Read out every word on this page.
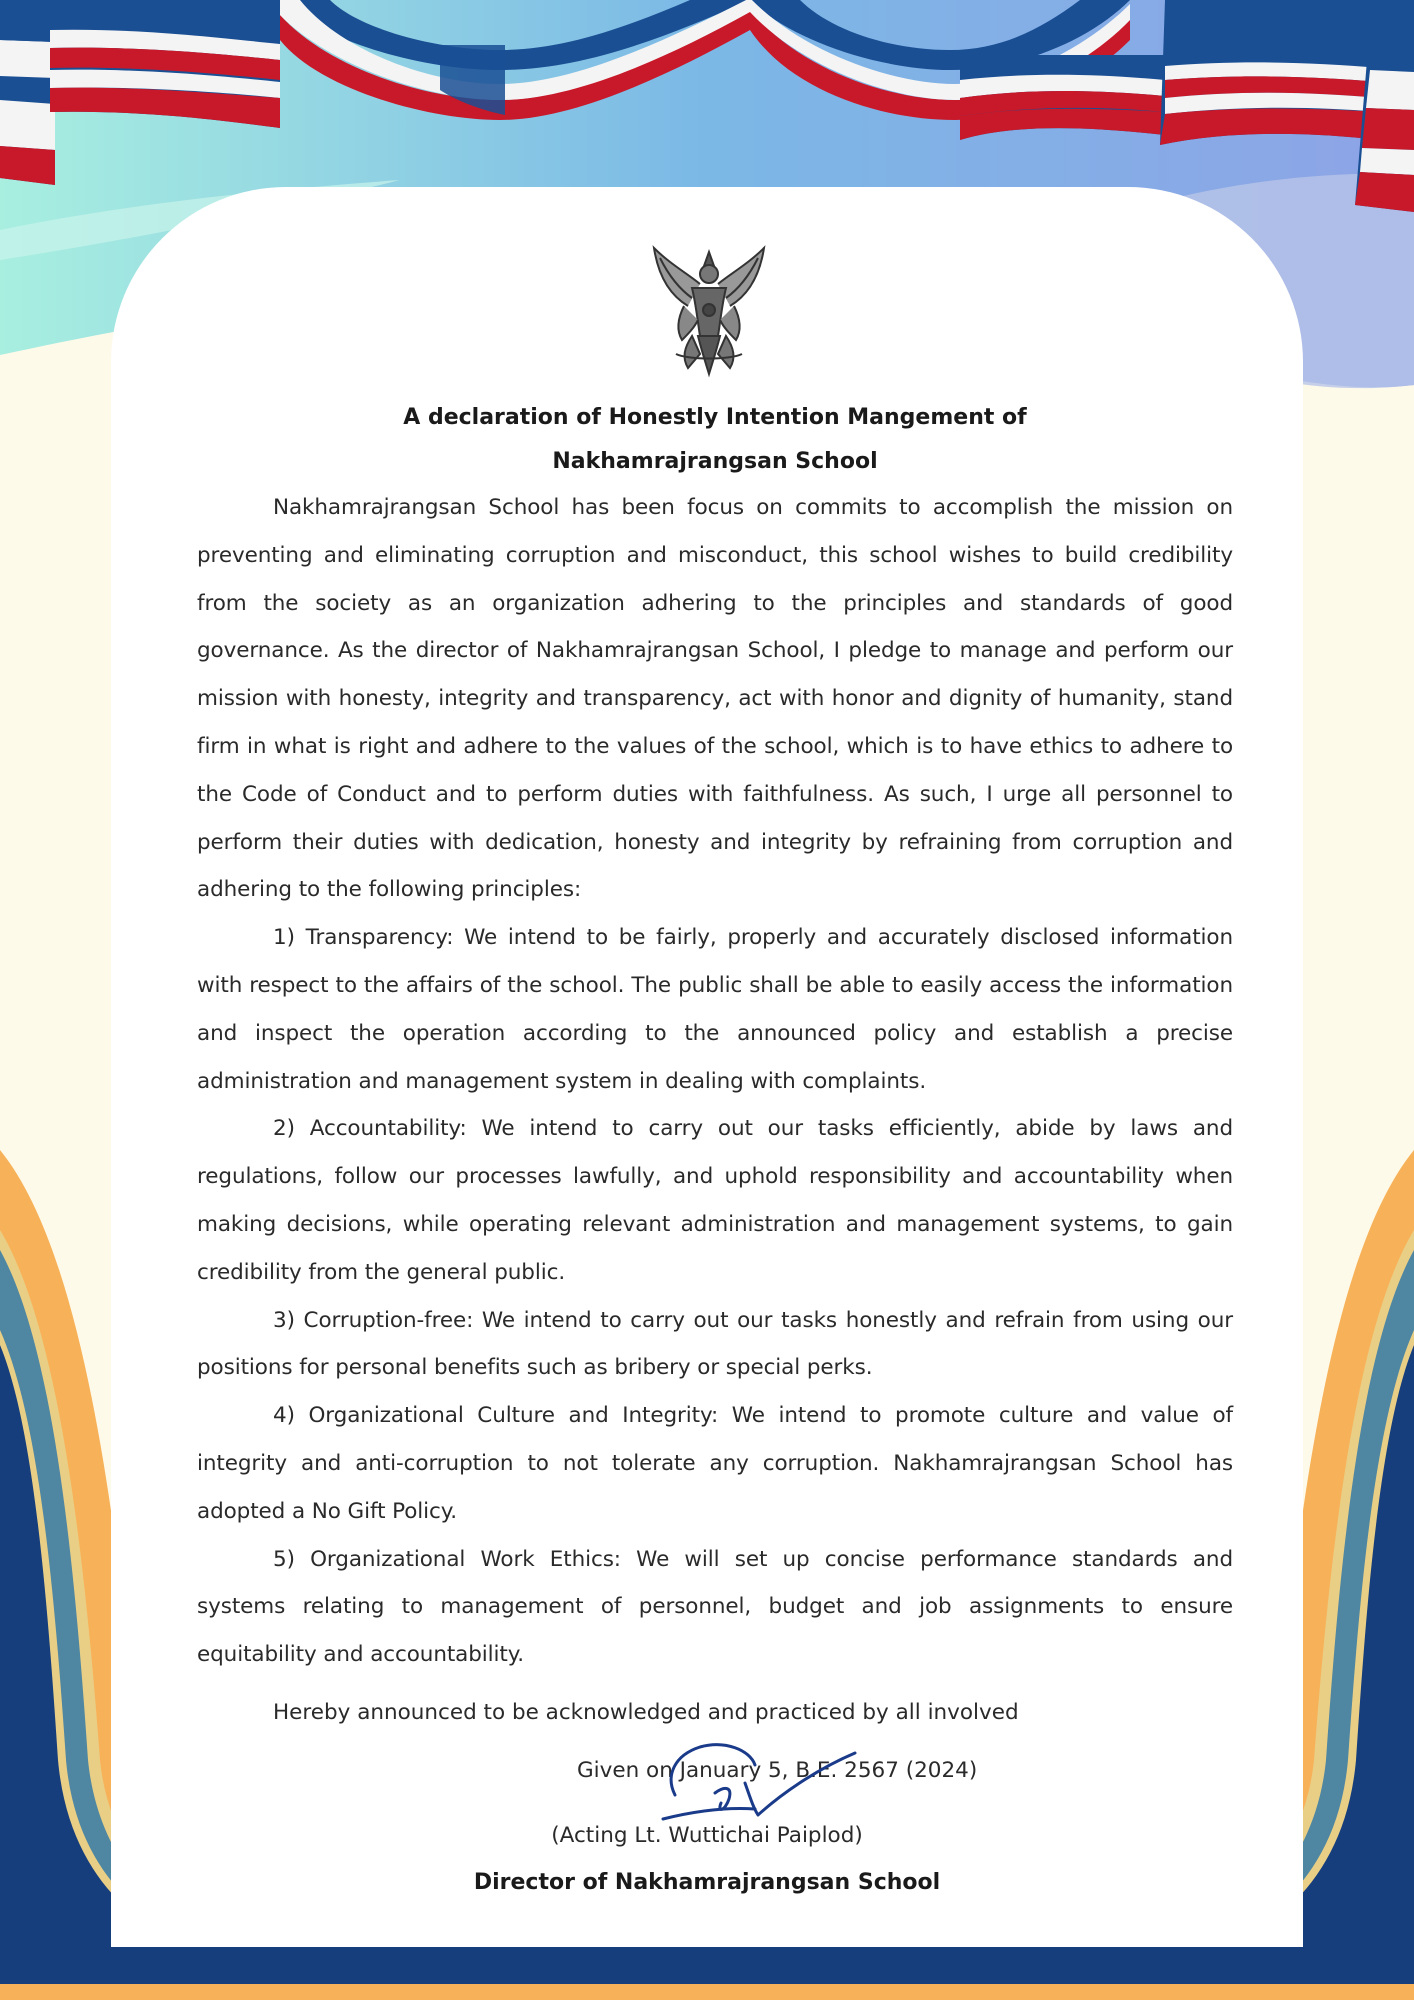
A declaration of Honestly Intention Mangement of

Nakhamrajrangsan School

Nakhamrajrangsan School has been focus on commits to accomplish the mission on preventing and eliminating corruption and misconduct, this school wishes to build credibility from the society as an organization adhering to the principles and standards of good governance. As the director of Nakhamrajrangsan School, I pledge to manage and perform our mission with honesty, integrity and transparency, act with honor and dignity of humanity, stand firm in what is right and adhere to the values of the school, which is to have ethics to adhere to the Code of Conduct and to perform duties with faithfulness. As such, I urge all personnel to perform their duties with dedication, honesty and integrity by refraining from corruption and adhering to the following principles:

1) Transparency: We intend to be fairly, properly and accurately disclosed information with respect to the affairs of the school. The public shall be able to easily access the information and inspect the operation according to the announced policy and establish a precise administration and management system in dealing with complaints.

2) Accountability: We intend to carry out our tasks efficiently, abide by laws and regulations, follow our processes lawfully, and uphold responsibility and accountability when making decisions, while operating relevant administration and management systems, to gain credibility from the general public.

3) Corruption-free: We intend to carry out our tasks honestly and refrain from using our positions for personal benefits such as bribery or special perks.

4) Organizational Culture and Integrity: We intend to promote culture and value of integrity and anti-corruption to not tolerate any corruption. Nakhamrajrangsan School has adopted a No Gift Policy.

5) Organizational Work Ethics: We will set up concise performance standards and systems relating to management of personnel, budget and job assignments to ensure equitability and accountability.

Hereby announced to be acknowledged and practiced by all involved

Given on January 5, B.E. 2567 (2024)

(Acting Lt. Wuttichai Paiplod)
Director of Nakhamrajrangsan School
